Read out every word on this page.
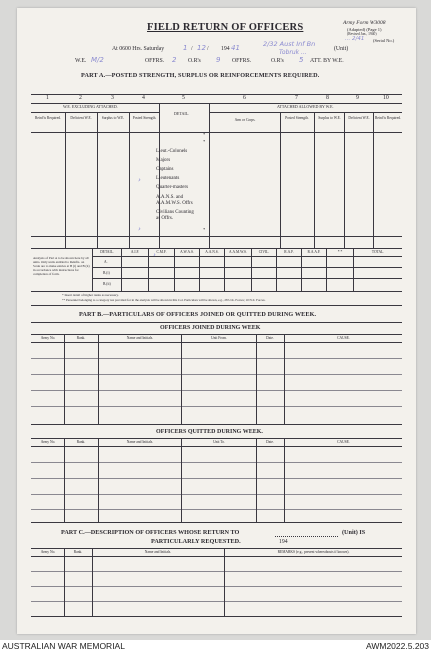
FIELD RETURN OF OFFICERS	Army Form W3008
(Adapted) (Page 1)
(Revised Jan., 1940)
(Serial No.)
At 0600 Hrs. Saturday	/ / 194	(Unit)
W.E.	OFFRS.	O.R's	OFFRS.	O.R's	ATT. BY W.E.
1 12	41	2/32 Aust Inf Bn
Tobruk ...
M/2	2	9	5
... 2/41
PART A.—POSTED STRENGTH, SURPLUS OR REINFORCEMENTS REQUIRED.
1	2	3	4	5	6	7	8	9	10
W.E. EXCLUDING ATTACHED.	ATTACHED ALLOWED BY W.E.
DETAIL.
Reinf'ts Required.	Deficient W.E.	Surplus to W.E.	Posted Strength.	Arm or Corps.	Posted Strength.	Surplus to W.E.	Deficient W.E.	Reinf'ts Required.
*
*
*
Lieut.-Colonels
Majors
Captains
Lieutenants
Quarter-masters
A.A.N.S. and
A.A.M.W.S. Offrs
Civilians Counting
as Offrs.
›
›
›
Analysis of Part A to be shown here by all units. Only units entitled to Reinfts. on Scale are to make entries at B (i) and B (ii) in accordance with instructions for completion of form.
DETAIL.	A.I.F.	C.M.F.	A.W.A.S.	A.A.N.S.	A.A.M.W.S.	CIVIL.	R.A.F.	R.A.A.F.	* *	TOTAL.
A.
B.(i)
B.(ii)
* Insert detail of higher ranks as necessary.
** Personnel belonging to a category not provided for in the analysis will be shown in this Col. Particulars will be shown, e.g., 28 U.K. Forces; 10 N.Z. Forces.
PART B.—PARTICULARS OF OFFICERS JOINED OR QUITTED DURING WEEK.
OFFICERS JOINED DURING WEEK
Army No.	Rank.	Name and Initials.	Unit From.	Date.	CAUSE.
OFFICERS QUITTED DURING WEEK.
Army No.	Rank.	Name and Initials.	Unit To.	Date.	CAUSE.
PART C.—DESCRIPTION OF OFFICERS WHOSE RETURN TO	(Unit) IS
PARTICULARLY REQUESTED.	194
Army No.	Rank.	Name and Initials.	REMARKS (e.g., present whereabouts if known).
AUSTRALIAN WAR MEMORIAL	AWM2022.5.203
